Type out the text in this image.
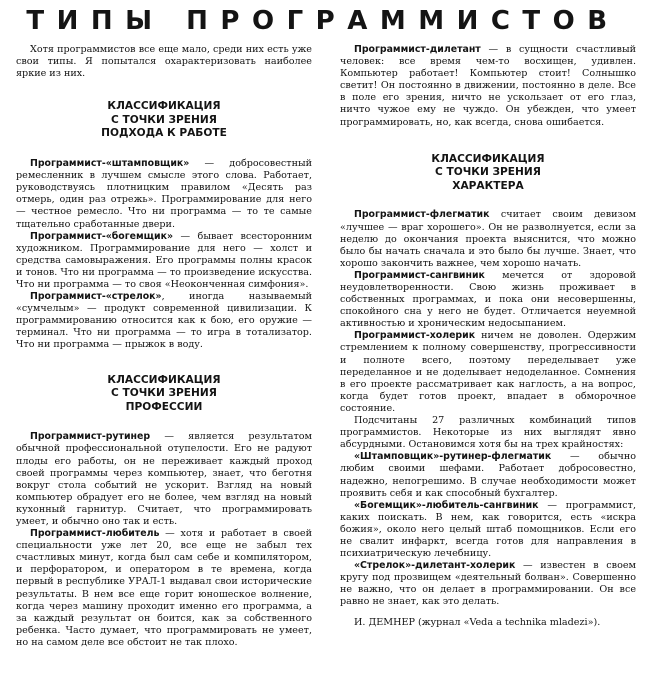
ТИПЫ ПРОГРАММИСТОВ

Хотя программистов все еще мало, среди них есть уже свои типы. Я попытался охарактеризовать наиболее яркие из них.

КЛАССИФИКАЦИЯ
С ТОЧКИ ЗРЕНИЯ
ПОДХОДА К РАБОТЕ

Программист-«штамповщик» — добросовестный ремесленник в лучшем смысле этого слова. Работает, руководствуясь плотницким правилом «Десять раз отмерь, один раз отрежь». Программирование для него — честное ремесло. Что ни программа — то те самые тщательно сработанные двери.

Программист-«богемщик» — бывает всесторонним художником. Программирование для него — холст и средства самовыражения. Его программы полны красок и тонов. Что ни программа — то произведение искусства. Что ни программа — то своя «Неоконченная симфония».

Программист-«стрелок», иногда называемый «сумчелым» — продукт современной цивилизации. К программированию относится как к бою, его оружие — терминал. Что ни программа — то игра в тотализатор. Что ни программа — прыжок в воду.

КЛАССИФИКАЦИЯ
С ТОЧКИ ЗРЕНИЯ
ПРОФЕССИИ

Программист-рутинер — является результатом обычной профессиональной отупелости. Его не радуют плоды его работы, он не переживает каждый проход своей программы через компьютер, знает, что беготня вокруг стола событий не ускорит. Взгляд на новый компьютер обрадует его не более, чем взгляд на новый кухонный гарнитур. Считает, что программировать умеет, и обычно оно так и есть.

Программист-любитель — хотя и работает в своей специальности уже лет 20, все еще не забыл тех счастливых минут, когда был сам себе и компилятором, и перфоратором, и оператором в те времена, когда первый в республике УРАЛ-1 выдавал свои исторические результаты. В нем все еще горит юношеское волнение, когда через машину проходит именно его программа, а за каждый результат он боится, как за собственного ребенка. Часто думает, что программировать не умеет, но на самом деле все обстоит не так плохо.

Программист-дилетант — в сущности счастливый человек: все время чем-то восхищен, удивлен. Компьютер работает! Компьютер стоит! Солнышко светит! Он постоянно в движении, постоянно в деле. Все в поле его зрения, ничто не ускользает от его глаз, ничто чужое ему не чуждо. Он убежден, что умеет программировать, но, как всегда, снова ошибается.

КЛАССИФИКАЦИЯ
С ТОЧКИ ЗРЕНИЯ
ХАРАКТЕРА

Программист-флегматик считает своим девизом «лучшее — враг хорошего». Он не разволнуется, если за неделю до окончания проекта выяснится, что можно было бы начать сначала и это было бы лучше. Знает, что хорошо закончить важнее, чем хорошо начать.

Программист-сангвиник мечется от здоровой неудовлетворенности. Свою жизнь проживает в собственных программах, и пока они несовершенны, спокойного сна у него не будет. Отличается неуемной активностью и хроническим недосыпанием.

Программист-холерик ничем не доволен. Одержим стремлением к полному совершенству, прогрессивности и полноте всего, поэтому переделывает уже переделанное и не доделывает недоделанное. Сомнения в его проекте рассматривает как наглость, а на вопрос, когда будет готов проект, впадает в обморочное состояние.

Подсчитаны 27 различных комбинаций типов программистов. Некоторые из них выглядят явно абсурдными. Остановимся хотя бы на трех крайностях:

«Штамповщик»-рутинер-флегматик — обычно любим своими шефами. Работает добросовестно, надежно, непогрешимо. В случае необходимости может проявить себя и как способный бухгалтер.

«Богемщик»-любитель-сангвиник — программист, каких поискать. В нем, как говорится, есть «искра божия», около него целый штаб помощников. Если его не свалит инфаркт, всегда готов для направления в психиатрическую лечебницу.

«Стрелок»-дилетант-холерик — известен в своем кругу под прозвищем «деятельный болван». Совершенно не важно, что он делает в программировании. Он все равно не знает, как это делать.

И. ДЕМНЕР (журнал «Veda a technika mladezi»).
